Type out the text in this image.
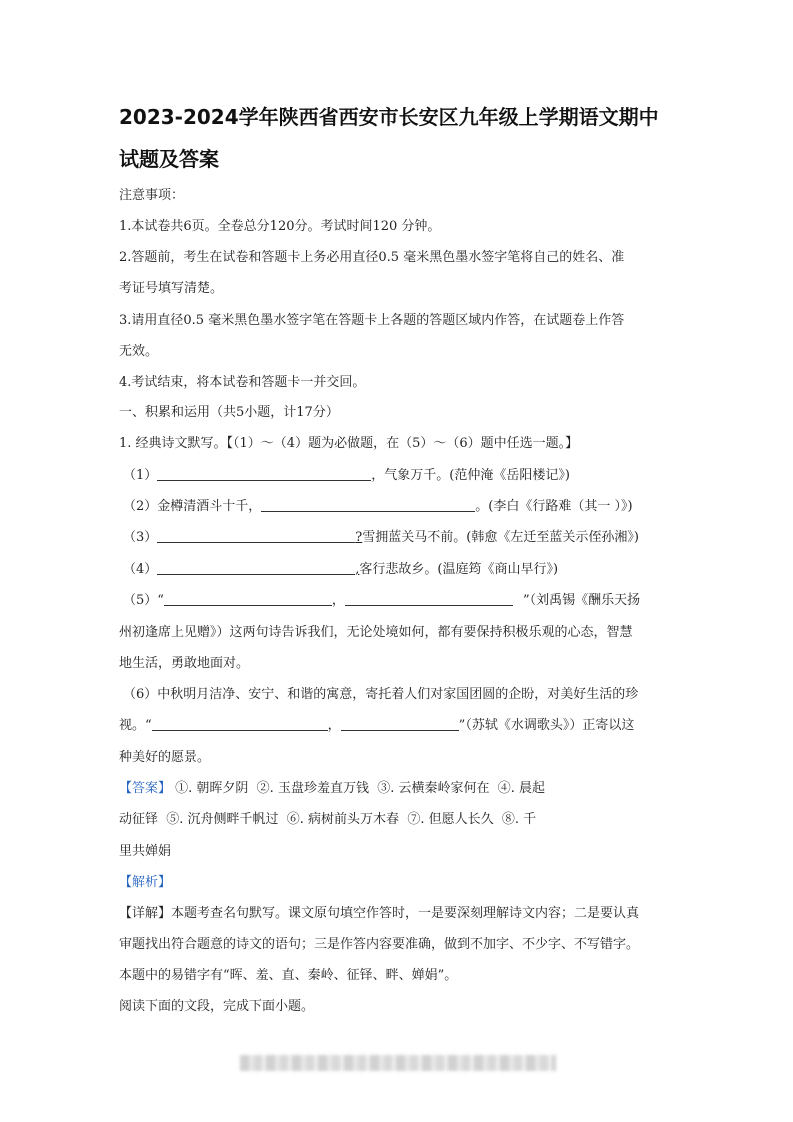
2023-2024学年陕西省西安市长安区九年级上学期语文期中
试题及答案
注意事项：
1.本试卷共6页。全卷总分120分。考试时间120 分钟。
2.答题前，考生在试卷和答题卡上务必用直径0.5 毫米黑色墨水签字笔将自己的姓名、准
考证号填写清楚。
3.请用直径0.5 毫米黑色墨水签字笔在答题卡上各题的答题区域内作答，在试题卷上作答
无效。
4.考试结束，将本试卷和答题卡一并交回。
一、积累和运用（共5小题，计17分）
1. 经典诗文默写。【（1）～（4）题为必做题，在（5）～（6）题中任选一题。】
（1）	，气象万千。(范仲淹《岳阳楼记》)
（2）金樽清酒斗十千，	。(李白《行路难（其一 ）》)
（3）	?雪拥蓝关马不前。(韩愈《左迁至蓝关示侄孙湘》)
（4）	,客行悲故乡。(温庭筠《商山早行》)
（5）“	，	”（刘禹锡《酬乐天扬
州初逢席上见赠》）这两句诗告诉我们，无论处境如何，都有要保持积极乐观的心态，智慧
地生活，勇敢地面对。
（6）中秋明月洁净、安宁、和谐的寓意，寄托着人们对家国团圆的企盼，对美好生活的珍
视。“	，	”（苏轼《水调歌头》）正寄以这
种美好的愿景。
【答案】 ①. 朝晖夕阴  ②. 玉盘珍羞直万钱  ③. 云横秦岭家何在  ④. 晨起
动征铎  ⑤. 沉舟侧畔千帆过  ⑥. 病树前头万木春  ⑦. 但愿人长久  ⑧. 千
里共婵娟
【解析】
【详解】本题考查名句默写。课文原句填空作答时，一是要深刻理解诗文内容；二是要认真
审题找出符合题意的诗文的语句；三是作答内容要准确，做到不加字、不少字、不写错字。
本题中的易错字有“晖、羞、直、秦岭、征铎、畔、婵娟”。
阅读下面的文段，完成下面小题。
